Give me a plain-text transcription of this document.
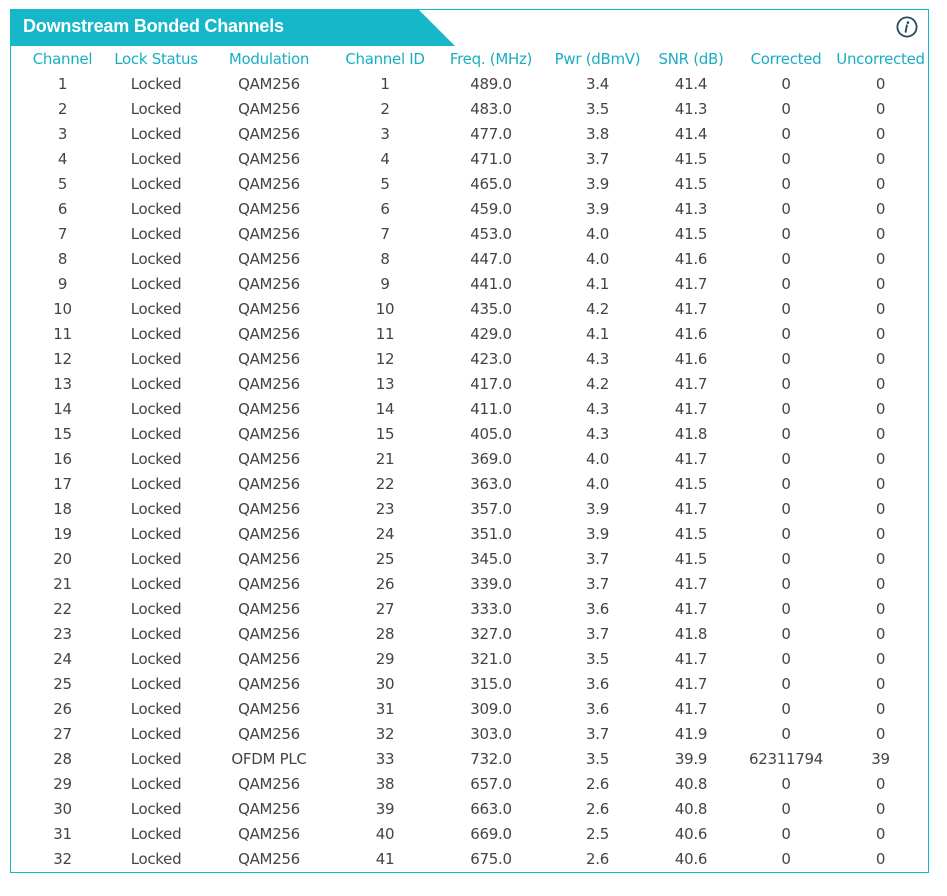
Downstream Bonded Channels
Channel	Lock Status	Modulation	Channel ID	Freq. (MHz)	Pwr (dBmV)	SNR (dB)	Corrected	Uncorrected
1	Locked	QAM256	1	489.0	3.4	41.4	0	0
2	Locked	QAM256	2	483.0	3.5	41.3	0	0
3	Locked	QAM256	3	477.0	3.8	41.4	0	0
4	Locked	QAM256	4	471.0	3.7	41.5	0	0
5	Locked	QAM256	5	465.0	3.9	41.5	0	0
6	Locked	QAM256	6	459.0	3.9	41.3	0	0
7	Locked	QAM256	7	453.0	4.0	41.5	0	0
8	Locked	QAM256	8	447.0	4.0	41.6	0	0
9	Locked	QAM256	9	441.0	4.1	41.7	0	0
10	Locked	QAM256	10	435.0	4.2	41.7	0	0
11	Locked	QAM256	11	429.0	4.1	41.6	0	0
12	Locked	QAM256	12	423.0	4.3	41.6	0	0
13	Locked	QAM256	13	417.0	4.2	41.7	0	0
14	Locked	QAM256	14	411.0	4.3	41.7	0	0
15	Locked	QAM256	15	405.0	4.3	41.8	0	0
16	Locked	QAM256	21	369.0	4.0	41.7	0	0
17	Locked	QAM256	22	363.0	4.0	41.5	0	0
18	Locked	QAM256	23	357.0	3.9	41.7	0	0
19	Locked	QAM256	24	351.0	3.9	41.5	0	0
20	Locked	QAM256	25	345.0	3.7	41.5	0	0
21	Locked	QAM256	26	339.0	3.7	41.7	0	0
22	Locked	QAM256	27	333.0	3.6	41.7	0	0
23	Locked	QAM256	28	327.0	3.7	41.8	0	0
24	Locked	QAM256	29	321.0	3.5	41.7	0	0
25	Locked	QAM256	30	315.0	3.6	41.7	0	0
26	Locked	QAM256	31	309.0	3.6	41.7	0	0
27	Locked	QAM256	32	303.0	3.7	41.9	0	0
28	Locked	OFDM PLC	33	732.0	3.5	39.9	62311794	39
29	Locked	QAM256	38	657.0	2.6	40.8	0	0
30	Locked	QAM256	39	663.0	2.6	40.8	0	0
31	Locked	QAM256	40	669.0	2.5	40.6	0	0
32	Locked	QAM256	41	675.0	2.6	40.6	0	0
